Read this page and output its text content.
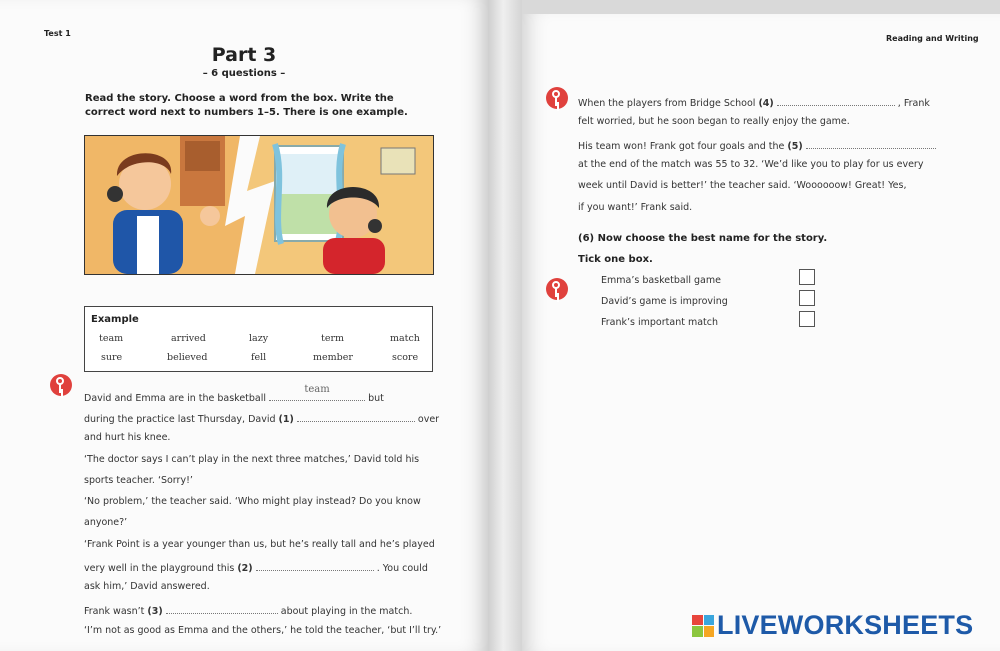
Test 1
Part 3
– 6 questions –
Read the story. Choose a word from the box. Write the correct word next to numbers 1–5. There is one example.
Example
team	arrived	lazy	term	match
sure	believed	fell	member	score
David and Emma are in the basketball
team
but
during the practice last Thursday, David (1)	over
and hurt his knee.
‘The doctor says I can’t play in the next three matches,’ David told his
sports teacher. ‘Sorry!’
‘No problem,’ the teacher said. ‘Who might play instead? Do you know
anyone?’
‘Frank Point is a year younger than us, but he’s really tall and he’s played
very well in the playground this (2)	. You could
ask him,’ David answered.
Frank wasn’t (3)	about playing in the match.
‘I’m not as good as Emma and the others,’ he told the teacher, ‘but I’ll try.’
Reading and Writing
When the players from Bridge School (4)	, Frank
felt worried, but he soon began to really enjoy the game.
His team won! Frank got four goals and the (5)
at the end of the match was 55 to 32. ‘We’d like you to play for us every
week until David is better!’ the teacher said. ‘Woooooow! Great! Yes,
if you want!’ Frank said.
(6) Now choose the best name for the story.
Tick one box.
Emma’s basketball game
David’s game is improving
Frank’s important match
LIVEWORKSHEETS
